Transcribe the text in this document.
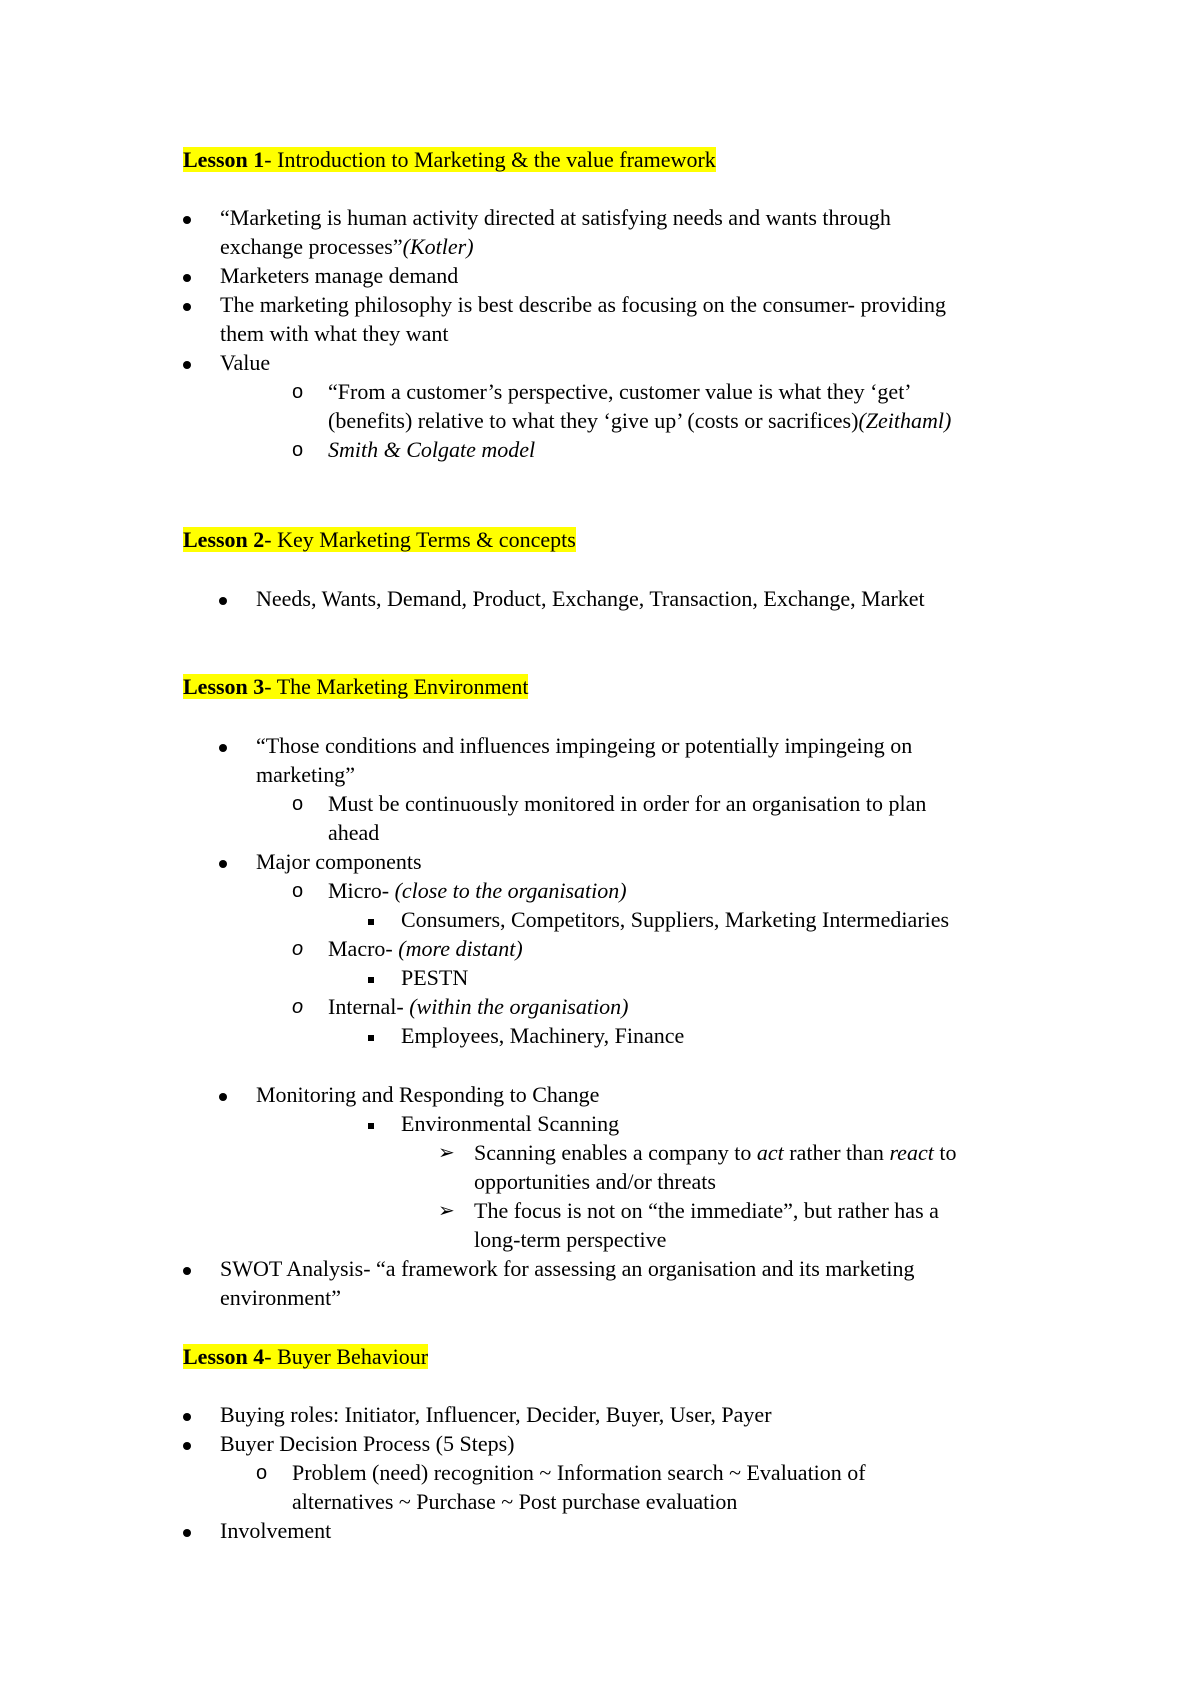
Lesson 1- Introduction to Marketing & the value framework
“Marketing is human activity directed at satisfying needs and wants through
exchange processes”(Kotler)
Marketers manage demand
The marketing philosophy is best describe as focusing on the consumer- providing
them with what they want
Value
o “From a customer’s perspective, customer value is what they ‘get’
(benefits) relative to what they ‘give up’ (costs or sacrifices)(Zeithaml)
o Smith & Colgate model
Lesson 2- Key Marketing Terms & concepts
Needs, Wants, Demand, Product, Exchange, Transaction, Exchange, Market
Lesson 3- The Marketing Environment
“Those conditions and influences impingeing or potentially impingeing on
marketing”
o Must be continuously monitored in order for an organisation to plan
ahead
Major components
o Micro- (close to the organisation)
Consumers, Competitors, Suppliers, Marketing Intermediaries
o Macro- (more distant)
PESTN
o Internal- (within the organisation)
Employees, Machinery, Finance
Monitoring and Responding to Change
Environmental Scanning
➢ Scanning enables a company to act rather than react to
opportunities and/or threats
➢ The focus is not on “the immediate”, but rather has a
long-term perspective
SWOT Analysis- “a framework for assessing an organisation and its marketing
environment”
Lesson 4- Buyer Behaviour
Buying roles: Initiator, Influencer, Decider, Buyer, User, Payer
Buyer Decision Process (5 Steps)
o Problem (need) recognition ~ Information search ~ Evaluation of
alternatives ~ Purchase ~ Post purchase evaluation
Involvement
